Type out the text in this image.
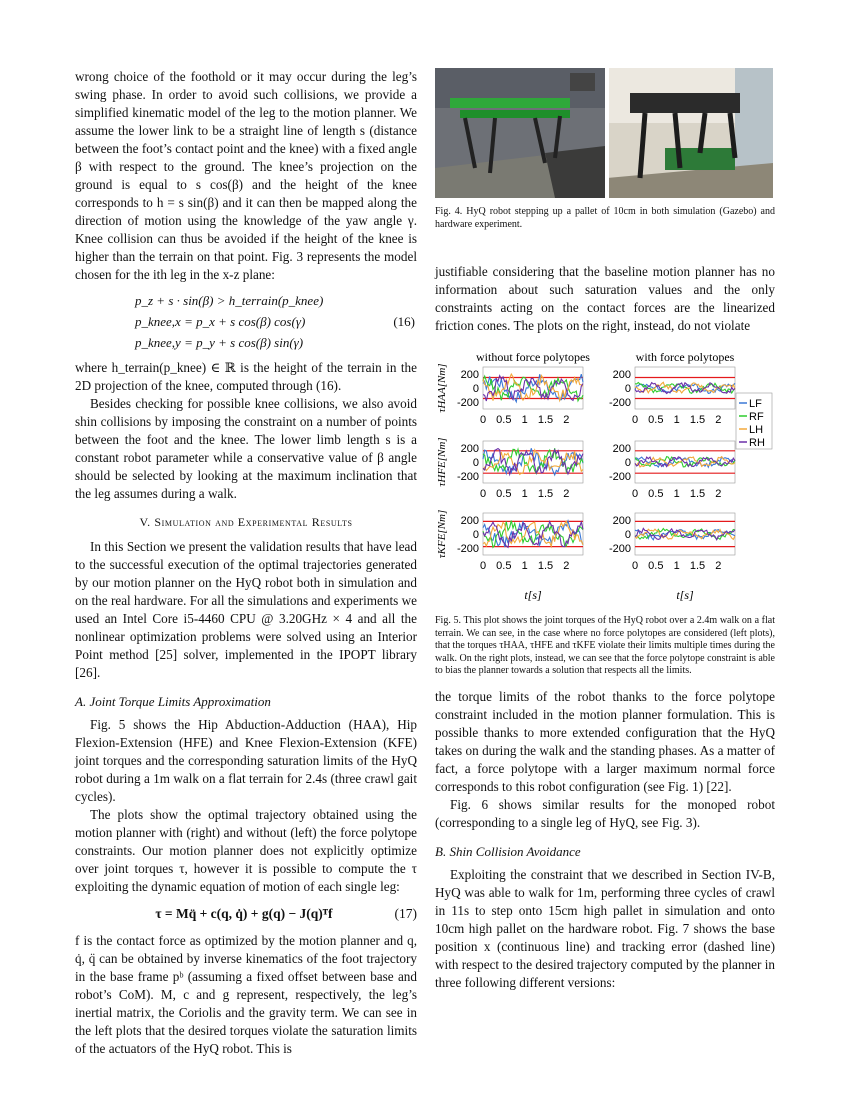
wrong choice of the foothold or it may occur during the leg’s swing phase. In order to avoid such collisions, we provide a simplified kinematic model of the leg to the motion planner. We assume the lower link to be a straight line of length s (distance between the foot’s contact point and the knee) with a fixed angle β with respect to the ground. The knee’s projection on the ground is equal to s cos(β) and the height of the knee corresponds to h = s sin(β) and it can then be mapped along the direction of motion using the knowledge of the yaw angle γ. Knee collision can thus be avoided if the height of the knee is higher than the terrain on that point. Fig. 3 represents the model chosen for the ith leg in the x-z plane:

p_z + s · sin(β) > h_terrain(p_knee)
p_knee,x = p_x + s cos(β) cos(γ)
p_knee,y = p_y + s cos(β) sin(γ)
(16)

where h_terrain(p_knee) ∈ ℝ is the height of the terrain in the 2D projection of the knee, computed through (16).

Besides checking for possible knee collisions, we also avoid shin collisions by imposing the constraint on a number of points between the foot and the knee. The lower limb length s is a constant robot parameter while a conservative value of β angle should be selected by looking at the maximum inclination that the leg assumes during a walk.

V. Simulation and Experimental Results

In this Section we present the validation results that have lead to the successful execution of the optimal trajectories generated by our motion planner on the HyQ robot both in simulation and on the real hardware. For all the simulations and experiments we used an Intel Core i5-4460 CPU @ 3.20GHz × 4 and all the nonlinear optimization problems were solved using an Interior Point method [25] solver, implemented in the IPOPT library [26].

A. Joint Torque Limits Approximation

Fig. 5 shows the Hip Abduction-Adduction (HAA), Hip Flexion-Extension (HFE) and Knee Flexion-Extension (KFE) joint torques and the corresponding saturation limits of the HyQ robot during a 1m walk on a flat terrain for 2.4s (three crawl gait cycles).

The plots show the optimal trajectory obtained using the motion planner with (right) and without (left) the force polytope constraints. Our motion planner does not explicitly optimize over joint torques τ, however it is possible to compute the τ exploiting the dynamic equation of motion of each single leg:

τ = Mq̈ + c(q, q̇) + g(q) − J(q)ᵀf	(17)

f is the contact force as optimized by the motion planner and q, q̇, q̈ can be obtained by inverse kinematics of the foot trajectory in the base frame pᵇ (assuming a fixed offset between base and robot’s CoM). M, c and g represent, respectively, the leg’s inertial matrix, the Coriolis and the gravity term. We can see in the left plots that the desired torques violate the saturation limits of the actuators of the HyQ robot. This is

Fig. 4. HyQ robot stepping up a pallet of 10cm in both simulation (Gazebo) and hardware experiment.

justifiable considering that the baseline motion planner has no information about such saturation values and the only constraints acting on the contact forces are the linearized friction cones. The plots on the right, instead, do not violate

without force polytopes	with force polytopes
200
0
-200
0 0.5 1 1.5 2
200
0
-200
0 0.5 1 1.5 2
τHAA[Nm]
200
0
-200
0 0.5 1 1.5 2
200
0
-200
0 0.5 1 1.5 2
τHFE[Nm]
200
0
-200
0 0.5 1 1.5 2
200
0
-200
0 0.5 1 1.5 2
τKFE[Nm]
t[s]	t[s]
LF
RF
LH
RH

Fig. 5. This plot shows the joint torques of the HyQ robot over a 2.4m walk on a flat terrain. We can see, in the case where no force polytopes are considered (left plots), that the torques τHAA, τHFE and τKFE violate their limits multiple times during the walk. On the right plots, instead, we can see that the force polytope constraint is able to bias the planner towards a solution that respects all the limits.

the torque limits of the robot thanks to the force polytope constraint included in the motion planner formulation. This is possible thanks to more extended configuration that the HyQ takes on during the walk and the standing phases. As a matter of fact, a force polytope with a larger maximum normal force corresponds to this robot configuration (see Fig. 1) [22].

Fig. 6 shows similar results for the monoped robot (corresponding to a single leg of HyQ, see Fig. 3).

B. Shin Collision Avoidance

Exploiting the constraint that we described in Section IV-B, HyQ was able to walk for 1m, performing three cycles of crawl in 11s to step onto 15cm high pallet in simulation and onto 10cm high pallet on the hardware robot. Fig. 7 shows the base position x (continuous line) and tracking error (dashed line) with respect to the desired trajectory computed by the planner in three following different versions:
